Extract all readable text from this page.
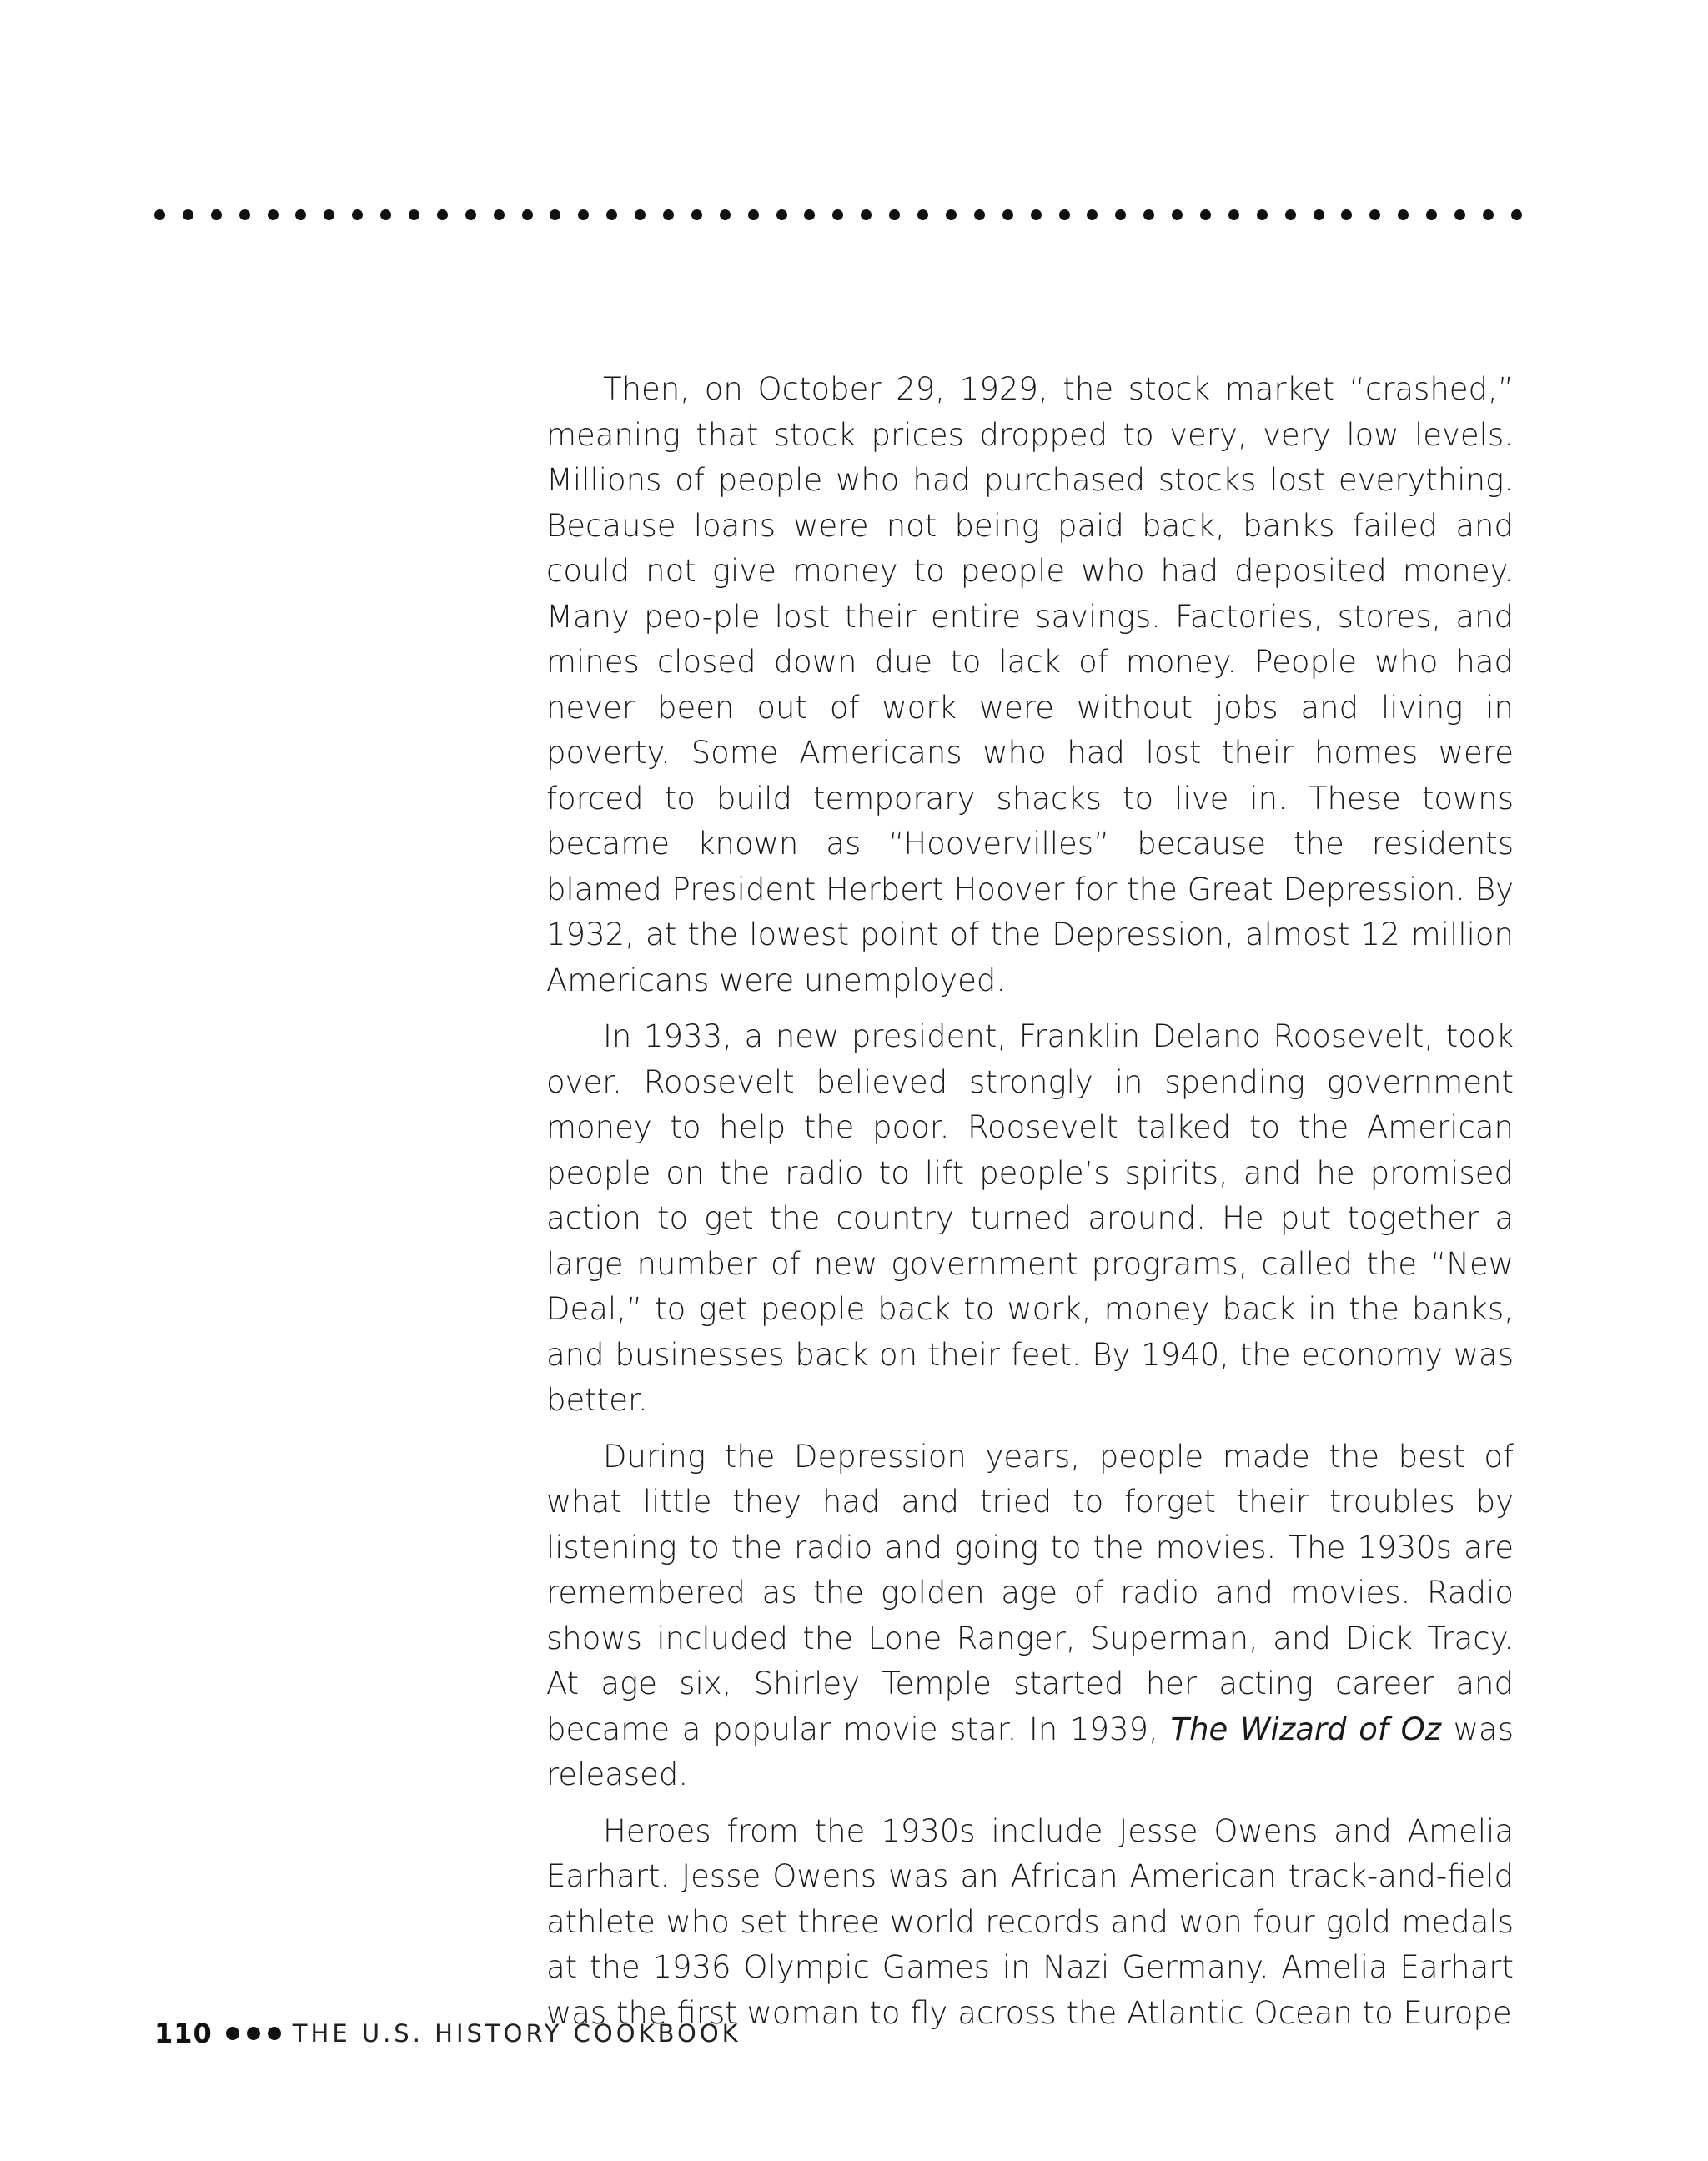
Then, on October 29, 1929, the stock market “crashed,” meaning that stock prices dropped to very, very low levels. Millions of people who had purchased stocks lost everything. Because loans were not being paid back, banks failed and could not give money to people who had deposited money. Many peo-ple lost their entire savings. Factories, stores, and mines closed down due to lack of money. People who had never been out of work were without jobs and living in poverty. Some Americans who had lost their homes were forced to build temporary shacks to live in. These towns became known as “Hoovervilles” because the residents blamed President Herbert Hoover for the Great Depression. By 1932, at the lowest point of the Depression, almost 12 million Americans were unemployed.

In 1933, a new president, Franklin Delano Roosevelt, took over. Roosevelt believed strongly in spending government money to help the poor. Roosevelt talked to the American people on the radio to lift people’s spirits, and he promised action to get the country turned around. He put together a large number of new government programs, called the “New Deal,” to get people back to work, money back in the banks, and businesses back on their feet. By 1940, the economy was better.

During the Depression years, people made the best of what little they had and tried to forget their troubles by listening to the radio and going to the movies. The 1930s are remembered as the golden age of radio and movies. Radio shows included the Lone Ranger, Superman, and Dick Tracy. At age six, Shirley Temple started her acting career and became a popular movie star. In 1939, The Wizard of Oz was released.

Heroes from the 1930s include Jesse Owens and Amelia Earhart. Jesse Owens was an African American track-and-field athlete who set three world records and won four gold medals at the 1936 Olympic Games in Nazi Germany. Amelia Earhart was the first woman to fly across the Atlantic Ocean to Europe

110	THE U.S. HISTORY COOKBOOK
